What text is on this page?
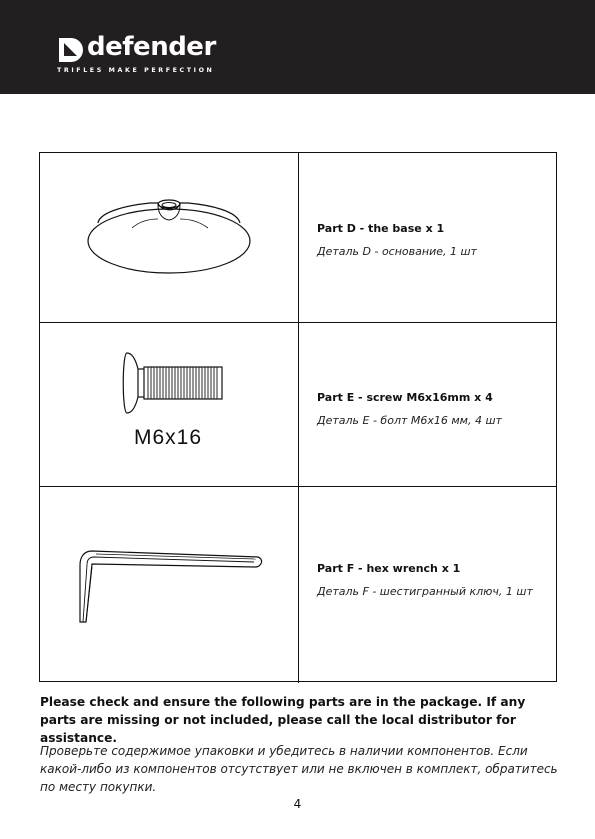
defender
TRIFLES MAKE PERFECTION
Part D - the base x 1
Деталь D - основание, 1 шт
M6x16
Part E - screw M6x16mm x 4
Деталь E - болт М6х16 мм, 4 шт
Part F - hex wrench x 1
Деталь F - шестигранный ключ, 1 шт
Please check and ensure the following parts are in the package. If any parts are missing or not included, please call the local distributor for assistance.
Проверьте содержимое упаковки и убедитесь в наличии компонентов. Если какой-либо из компонентов отсутствует или не включен в комплект, обратитесь по месту покупки.
4
